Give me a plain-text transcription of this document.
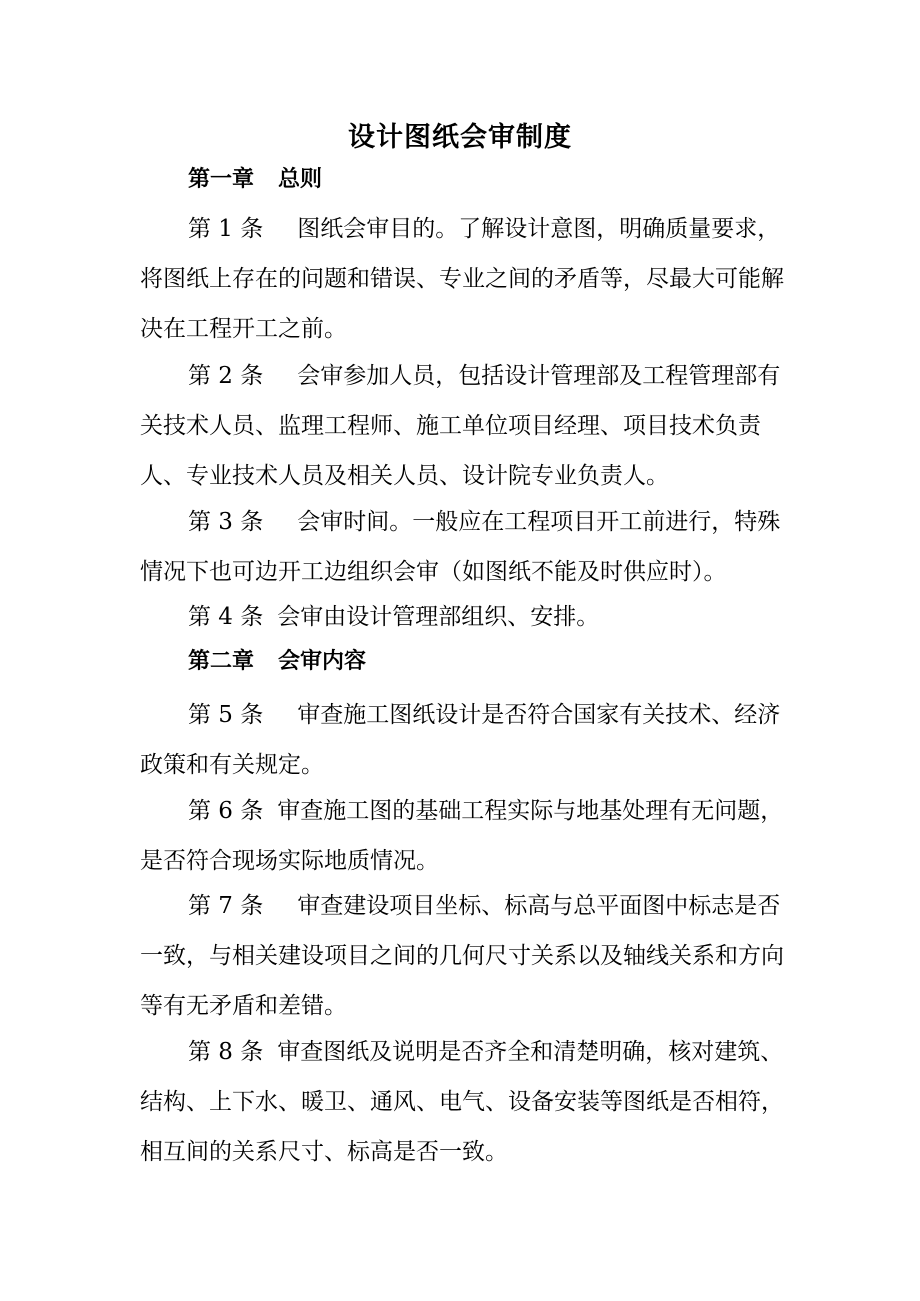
设计图纸会审制度
第一章 总则
第 1 条 图纸会审目的。了解设计意图，明确质量要求，将图纸上存在的问题和错误、专业之间的矛盾等，尽最大可能解决在工程开工之前。
第 2 条 会审参加人员，包括设计管理部及工程管理部有关技术人员、监理工程师、施工单位项目经理、项目技术负责人、专业技术人员及相关人员、设计院专业负责人。
第 3 条 会审时间。一般应在工程项目开工前进行，特殊情况下也可边开工边组织会审（如图纸不能及时供应时）。
第 4 条 会审由设计管理部组织、安排。
第二章 会审内容
第 5 条 审查施工图纸设计是否符合国家有关技术、经济政策和有关规定。
第 6 条 审查施工图的基础工程实际与地基处理有无问题，是否符合现场实际地质情况。
第 7 条 审查建设项目坐标、标高与总平面图中标志是否一致，与相关建设项目之间的几何尺寸关系以及轴线关系和方向等有无矛盾和差错。
第 8 条 审查图纸及说明是否齐全和清楚明确，核对建筑、结构、上下水、暖卫、通风、电气、设备安装等图纸是否相符，相互间的关系尺寸、标高是否一致。
